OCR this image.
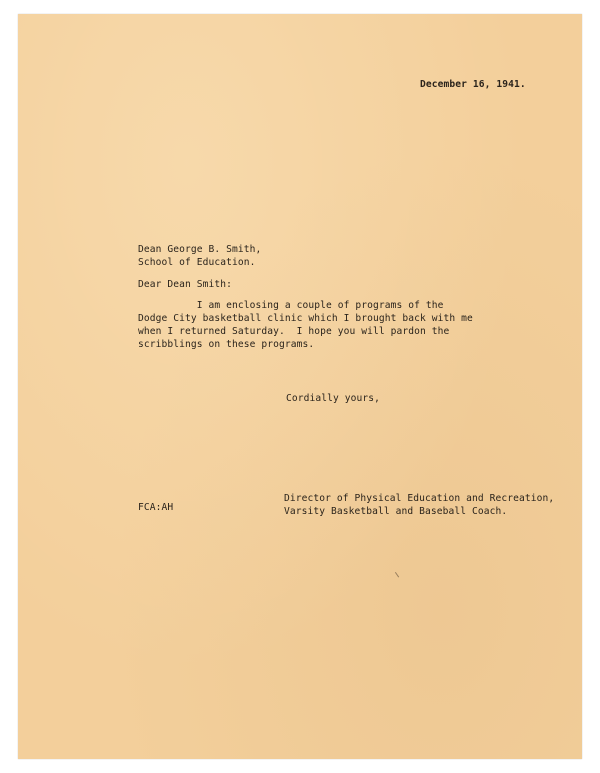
December 16, 1941.
Dean George B. Smith,
School of Education.
Dear Dean Smith:
I am enclosing a couple of programs of the
Dodge City basketball clinic which I brought back with me
when I returned Saturday.  I hope you will pardon the
scribblings on these programs.
Cordially yours,
Director of Physical Education and Recreation,
Varsity Basketball and Baseball Coach.
FCA:AH
